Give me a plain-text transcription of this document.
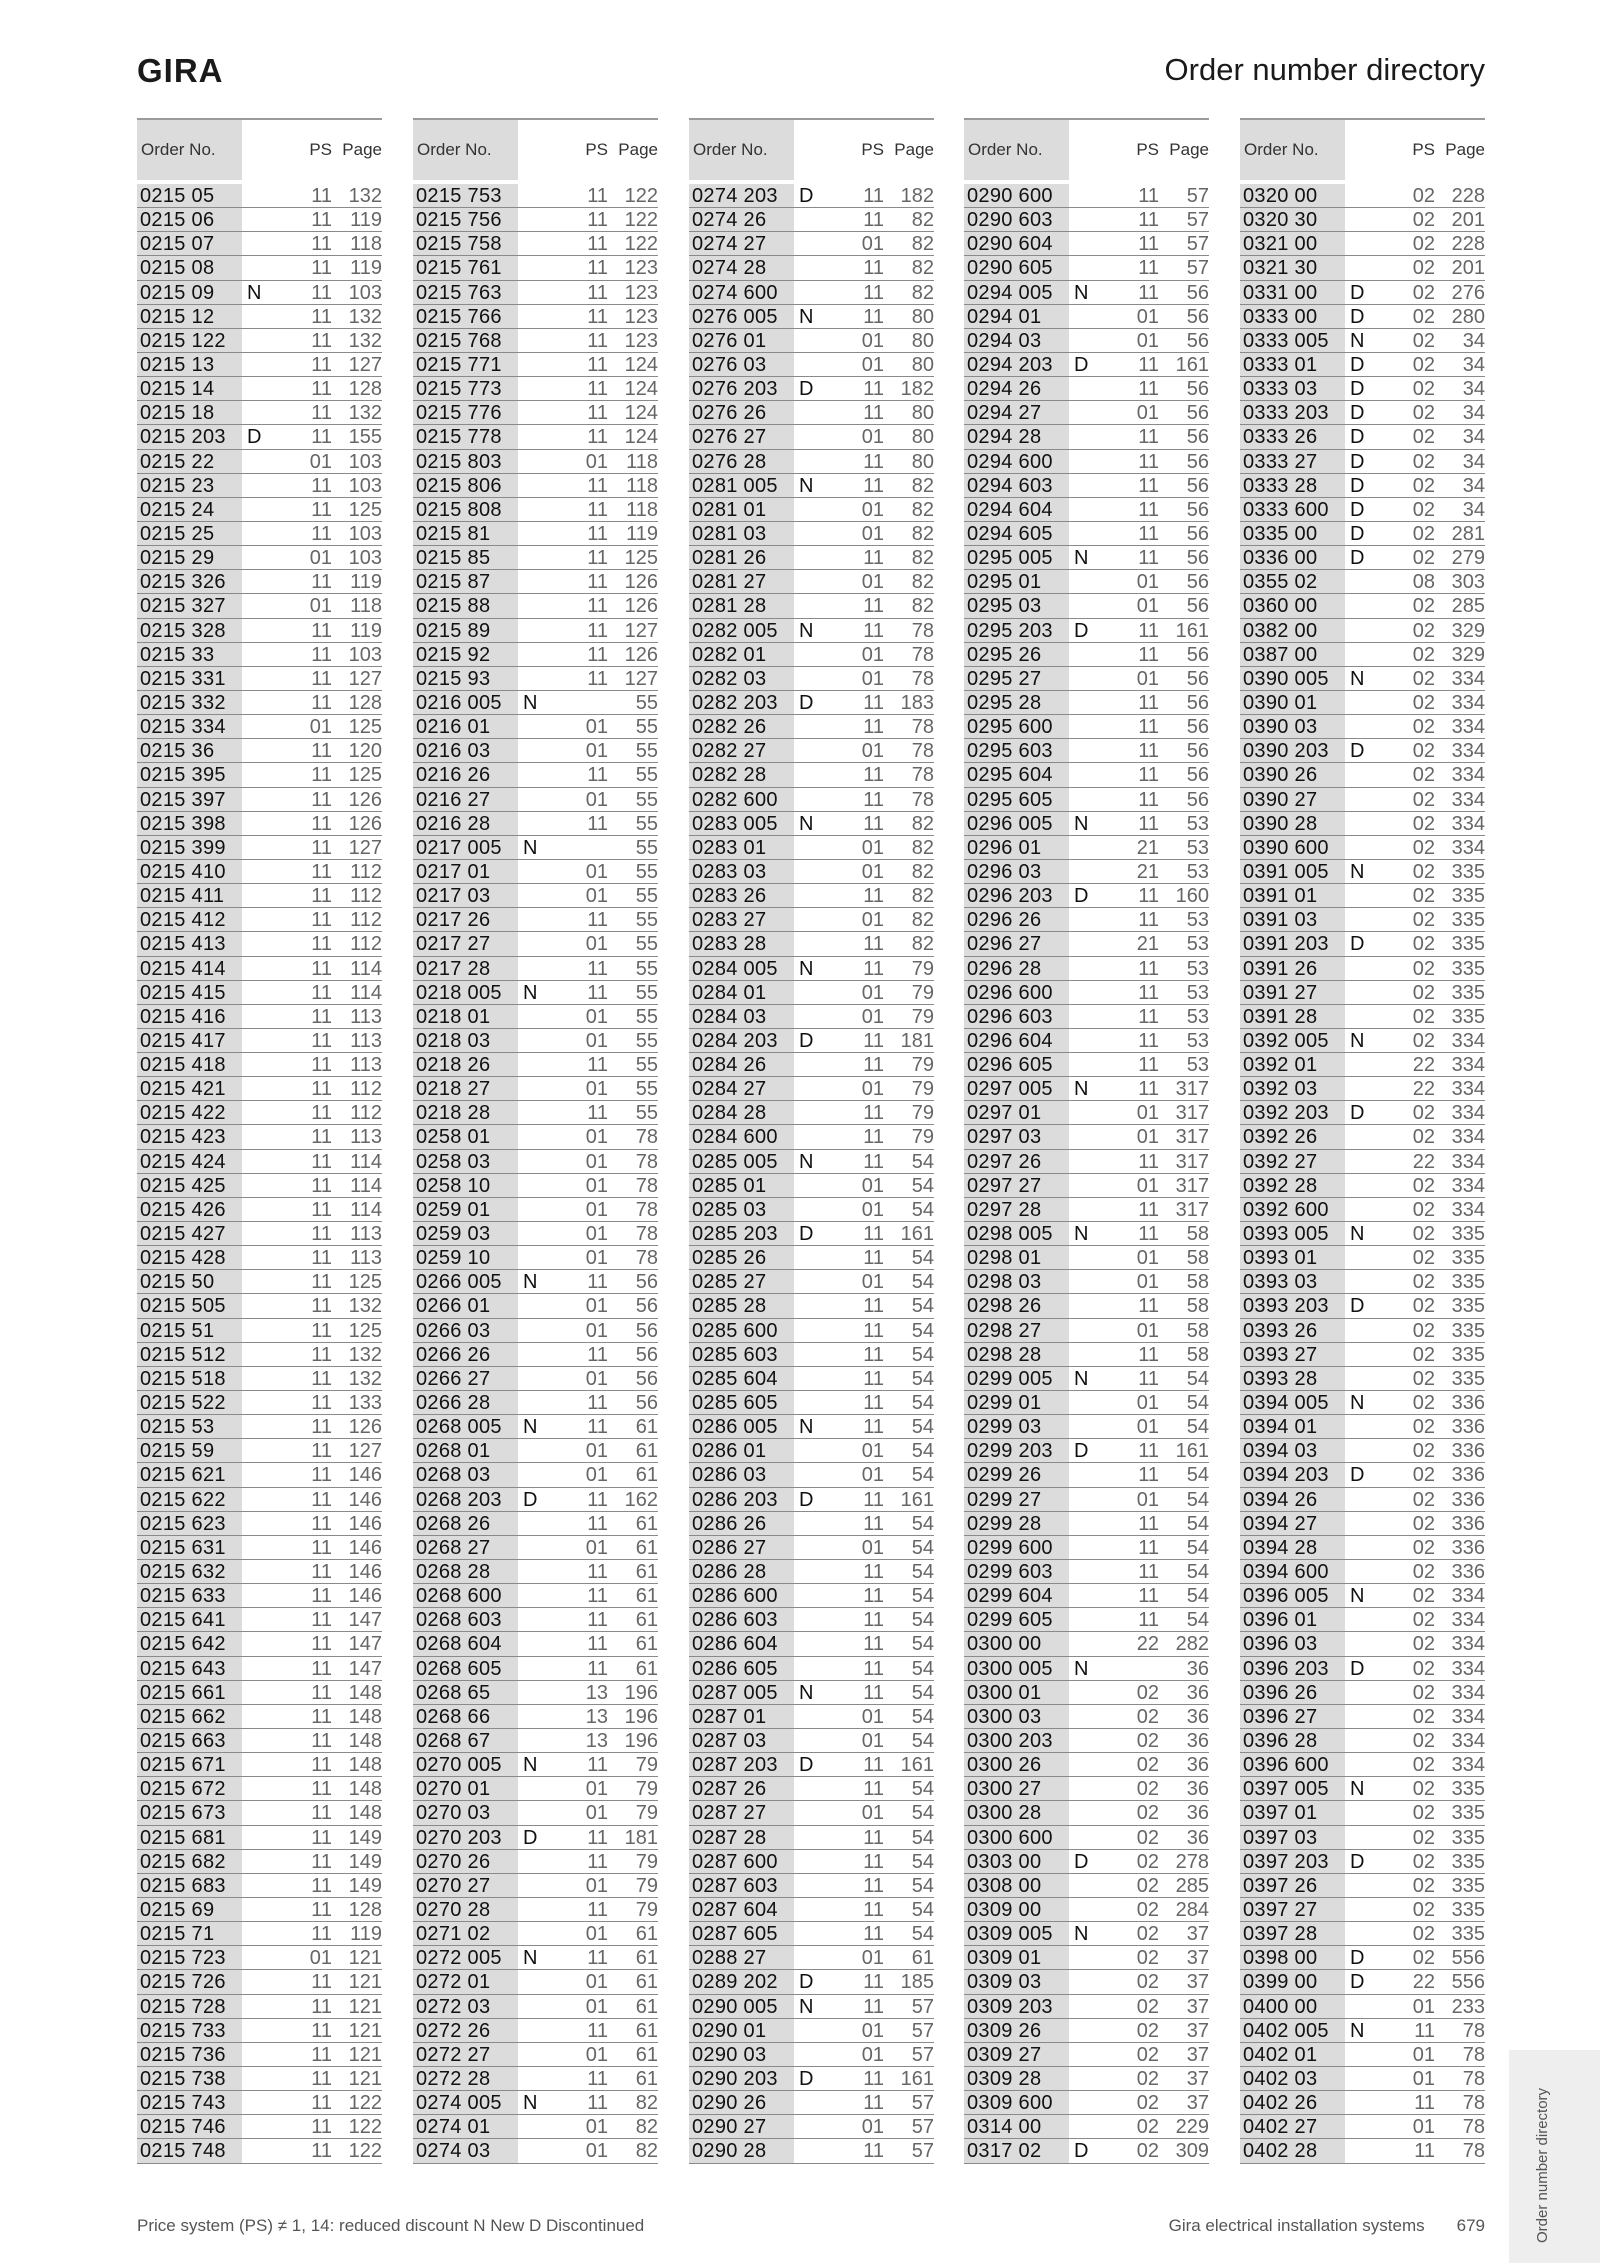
GIRA	Order number directory
Order No.	PS Page
0215 05	11 132
0215 06	11 119
0215 07	11 118
0215 08	11 119
0215 09	N 11 103
0215 12	11 132
0215 122	11 132
0215 13	11 127
0215 14	11 128
0215 18	11 132
0215 203	D 11 155
0215 22	01 103
0215 23	11 103
0215 24	11 125
0215 25	11 103
0215 29	01 103
0215 326	11 119
0215 327	01 118
0215 328	11 119
0215 33	11 103
0215 331	11 127
0215 332	11 128
0215 334	01 125
0215 36	11 120
0215 395	11 125
0215 397	11 126
0215 398	11 126
0215 399	11 127
0215 410	11 112
0215 411	11 112
0215 412	11 112
0215 413	11 112
0215 414	11 114
0215 415	11 114
0215 416	11 113
0215 417	11 113
0215 418	11 113
0215 421	11 112
0215 422	11 112
0215 423	11 113
0215 424	11 114
0215 425	11 114
0215 426	11 114
0215 427	11 113
0215 428	11 113
0215 50	11 125
0215 505	11 132
0215 51	11 125
0215 512	11 132
0215 518	11 132
0215 522	11 133
0215 53	11 126
0215 59	11 127
0215 621	11 146
0215 622	11 146
0215 623	11 146
0215 631	11 146
0215 632	11 146
0215 633	11 146
0215 641	11 147
0215 642	11 147
0215 643	11 147
0215 661	11 148
0215 662	11 148
0215 663	11 148
0215 671	11 148
0215 672	11 148
0215 673	11 148
0215 681	11 149
0215 682	11 149
0215 683	11 149
0215 69	11 128
0215 71	11 119
0215 723	01 121
0215 726	11 121
0215 728	11 121
0215 733	11 121
0215 736	11 121
0215 738	11 121
0215 743	11 122
0215 746	11 122
0215 748	11 122
Order No.	PS Page
0215 753	11 122
0215 756	11 122
0215 758	11 122
0215 761	11 123
0215 763	11 123
0215 766	11 123
0215 768	11 123
0215 771	11 124
0215 773	11 124
0215 776	11 124
0215 778	11 124
0215 803	01 118
0215 806	11 118
0215 808	11 118
0215 81	11 119
0215 85	11 125
0215 87	11 126
0215 88	11 126
0215 89	11 127
0215 92	11 126
0215 93	11 127
0216 005	N	55
0216 01	01 55
0216 03	01 55
0216 26	11 55
0216 27	01 55
0216 28	11 55
0217 005	N	55
0217 01	01 55
0217 03	01 55
0217 26	11 55
0217 27	01 55
0217 28	11 55
0218 005	N 11 55
0218 01	01 55
0218 03	01 55
0218 26	11 55
0218 27	01 55
0218 28	11 55
0258 01	01 78
0258 03	01 78
0258 10	01 78
0259 01	01 78
0259 03	01 78
0259 10	01 78
0266 005	N 11 56
0266 01	01 56
0266 03	01 56
0266 26	11 56
0266 27	01 56
0266 28	11 56
0268 005	N 11 61
0268 01	01 61
0268 03	01 61
0268 203	D 11 162
0268 26	11 61
0268 27	01 61
0268 28	11 61
0268 600	11 61
0268 603	11 61
0268 604	11 61
0268 605	11 61
0268 65	13 196
0268 66	13 196
0268 67	13 196
0270 005	N 11 79
0270 01	01 79
0270 03	01 79
0270 203	D 11 181
0270 26	11 79
0270 27	01 79
0270 28	11 79
0271 02	01 61
0272 005	N 11 61
0272 01	01 61
0272 03	01 61
0272 26	11 61
0272 27	01 61
0272 28	11 61
0274 005	N 11 82
0274 01	01 82
0274 03	01 82
Order No.	PS Page
0274 203	D 11 182
0274 26	11 82
0274 27	01 82
0274 28	11 82
0274 600	11 82
0276 005	N 11 80
0276 01	01 80
0276 03	01 80
0276 203	D 11 182
0276 26	11 80
0276 27	01 80
0276 28	11 80
0281 005	N 11 82
0281 01	01 82
0281 03	01 82
0281 26	11 82
0281 27	01 82
0281 28	11 82
0282 005	N 11 78
0282 01	01 78
0282 03	01 78
0282 203	D 11 183
0282 26	11 78
0282 27	01 78
0282 28	11 78
0282 600	11 78
0283 005	N 11 82
0283 01	01 82
0283 03	01 82
0283 26	11 82
0283 27	01 82
0283 28	11 82
0284 005	N 11 79
0284 01	01 79
0284 03	01 79
0284 203	D 11 181
0284 26	11 79
0284 27	01 79
0284 28	11 79
0284 600	11 79
0285 005	N 11 54
0285 01	01 54
0285 03	01 54
0285 203	D 11 161
0285 26	11 54
0285 27	01 54
0285 28	11 54
0285 600	11 54
0285 603	11 54
0285 604	11 54
0285 605	11 54
0286 005	N 11 54
0286 01	01 54
0286 03	01 54
0286 203	D 11 161
0286 26	11 54
0286 27	01 54
0286 28	11 54
0286 600	11 54
0286 603	11 54
0286 604	11 54
0286 605	11 54
0287 005	N 11 54
0287 01	01 54
0287 03	01 54
0287 203	D 11 161
0287 26	11 54
0287 27	01 54
0287 28	11 54
0287 600	11 54
0287 603	11 54
0287 604	11 54
0287 605	11 54
0288 27	01 61
0289 202	D 11 185
0290 005	N 11 57
0290 01	01 57
0290 03	01 57
0290 203	D 11 161
0290 26	11 57
0290 27	01 57
0290 28	11 57
Order No.	PS Page
0290 600	11 57
0290 603	11 57
0290 604	11 57
0290 605	11 57
0294 005	N 11 56
0294 01	01 56
0294 03	01 56
0294 203	D 11 161
0294 26	11 56
0294 27	01 56
0294 28	11 56
0294 600	11 56
0294 603	11 56
0294 604	11 56
0294 605	11 56
0295 005	N 11 56
0295 01	01 56
0295 03	01 56
0295 203	D 11 161
0295 26	11 56
0295 27	01 56
0295 28	11 56
0295 600	11 56
0295 603	11 56
0295 604	11 56
0295 605	11 56
0296 005	N 11 53
0296 01	21 53
0296 03	21 53
0296 203	D 11 160
0296 26	11 53
0296 27	21 53
0296 28	11 53
0296 600	11 53
0296 603	11 53
0296 604	11 53
0296 605	11 53
0297 005	N 11 317
0297 01	01 317
0297 03	01 317
0297 26	11 317
0297 27	01 317
0297 28	11 317
0298 005	N 11 58
0298 01	01 58
0298 03	01 58
0298 26	11 58
0298 27	01 58
0298 28	11 58
0299 005	N 11 54
0299 01	01 54
0299 03	01 54
0299 203	D 11 161
0299 26	11 54
0299 27	01 54
0299 28	11 54
0299 600	11 54
0299 603	11 54
0299 604	11 54
0299 605	11 54
0300 00	22 282
0300 005	N	36
0300 01	02 36
0300 03	02 36
0300 203	02 36
0300 26	02 36
0300 27	02 36
0300 28	02 36
0300 600	02 36
0303 00	D 02 278
0308 00	02 285
0309 00	02 284
0309 005	N 02 37
0309 01	02 37
0309 03	02 37
0309 203	02 37
0309 26	02 37
0309 27	02 37
0309 28	02 37
0309 600	02 37
0314 00	02 229
0317 02	D 02 309
Order No.	PS Page
0320 00	02 228
0320 30	02 201
0321 00	02 228
0321 30	02 201
0331 00	D 02 276
0333 00	D 02 280
0333 005	N 02 34
0333 01	D 02 34
0333 03	D 02 34
0333 203	D 02 34
0333 26	D 02 34
0333 27	D 02 34
0333 28	D 02 34
0333 600	D 02 34
0335 00	D 02 281
0336 00	D 02 279
0355 02	08 303
0360 00	02 285
0382 00	02 329
0387 00	02 329
0390 005	N 02 334
0390 01	02 334
0390 03	02 334
0390 203	D 02 334
0390 26	02 334
0390 27	02 334
0390 28	02 334
0390 600	02 334
0391 005	N 02 335
0391 01	02 335
0391 03	02 335
0391 203	D 02 335
0391 26	02 335
0391 27	02 335
0391 28	02 335
0392 005	N 02 334
0392 01	22 334
0392 03	22 334
0392 203	D 02 334
0392 26	02 334
0392 27	22 334
0392 28	02 334
0392 600	02 334
0393 005	N 02 335
0393 01	02 335
0393 03	02 335
0393 203	D 02 335
0393 26	02 335
0393 27	02 335
0393 28	02 335
0394 005	N 02 336
0394 01	02 336
0394 03	02 336
0394 203	D 02 336
0394 26	02 336
0394 27	02 336
0394 28	02 336
0394 600	02 336
0396 005	N 02 334
0396 01	02 334
0396 03	02 334
0396 203	D 02 334
0396 26	02 334
0396 27	02 334
0396 28	02 334
0396 600	02 334
0397 005	N 02 335
0397 01	02 335
0397 03	02 335
0397 203	D 02 335
0397 26	02 335
0397 27	02 335
0397 28	02 335
0398 00	D 02 556
0399 00	D 22 556
0400 00	01 233
0402 005	N 11 78
0402 01	01 78
0402 03	01 78
0402 26	11 78
0402 27	01 78
0402 28	11 78
Price system (PS) ≠ 1, 14: reduced discount N New D Discontinued	Gira electrical installation systems 679	Order number directory
